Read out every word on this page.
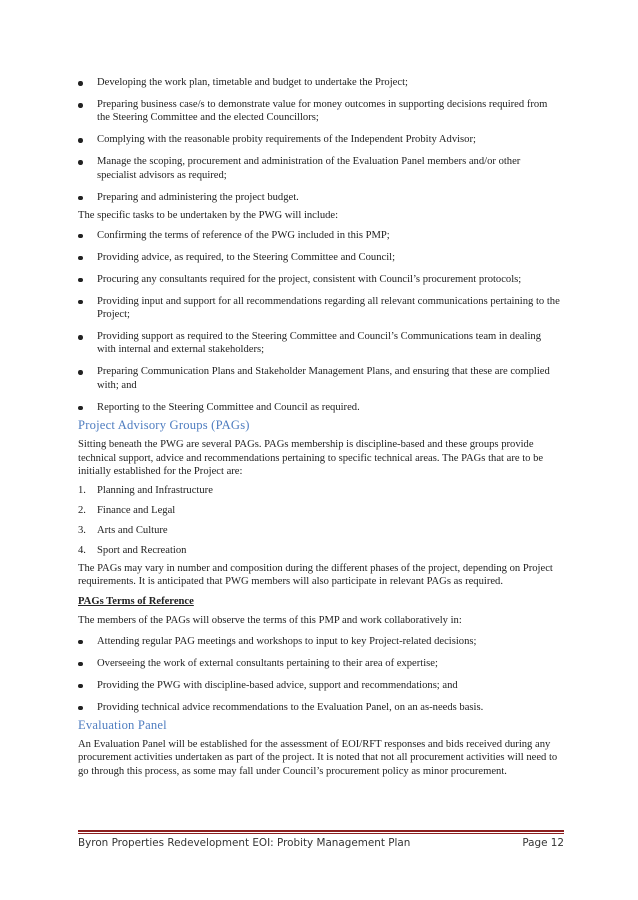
Developing the work plan, timetable and budget to undertake the Project;
Preparing business case/s to demonstrate value for money outcomes in supporting decisions required from the Steering Committee and the elected Councillors;
Complying with the reasonable probity requirements of the Independent Probity Advisor;
Manage the scoping, procurement and administration of the Evaluation Panel members and/or other specialist advisors as required;
Preparing and administering the project budget.

The specific tasks to be undertaken by the PWG will include:

Confirming the terms of reference of the PWG included in this PMP;
Providing advice, as required, to the Steering Committee and Council;
Procuring any consultants required for the project, consistent with Council’s procurement protocols;
Providing input and support for all recommendations regarding all relevant communications pertaining to the Project;
Providing support as required to the Steering Committee and Council’s Communications team in dealing with internal and external stakeholders;
Preparing Communication Plans and Stakeholder Management Plans, and ensuring that these are complied with; and
Reporting to the Steering Committee and Council as required.
Project Advisory Groups (PAGs)

Sitting beneath the PWG are several PAGs. PAGs membership is discipline-based and these groups provide technical support, advice and recommendations pertaining to specific technical areas. The PAGs that are to be initially established for the Project are:

1. Planning and Infrastructure
2. Finance and Legal
3. Arts and Culture
4. Sport and Recreation

The PAGs may vary in number and composition during the different phases of the project, depending on Project requirements. It is anticipated that PWG members will also participate in relevant PAGs as required.

PAGs Terms of Reference

The members of the PAGs will observe the terms of this PMP and work collaboratively in:

Attending regular PAG meetings and workshops to input to key Project-related decisions;
Overseeing the work of external consultants pertaining to their area of expertise;
Providing the PWG with discipline-based advice, support and recommendations; and
Providing technical advice recommendations to the Evaluation Panel, on an as-needs basis.
Evaluation Panel

An Evaluation Panel will be established for the assessment of EOI/RFT responses and bids received during any procurement activities undertaken as part of the project. It is noted that not all procurement activities will need to go through this process, as some may fall under Council’s procurement policy as minor procurement.

Byron Properties Redevelopment EOI: Probity Management Plan	Page 12
